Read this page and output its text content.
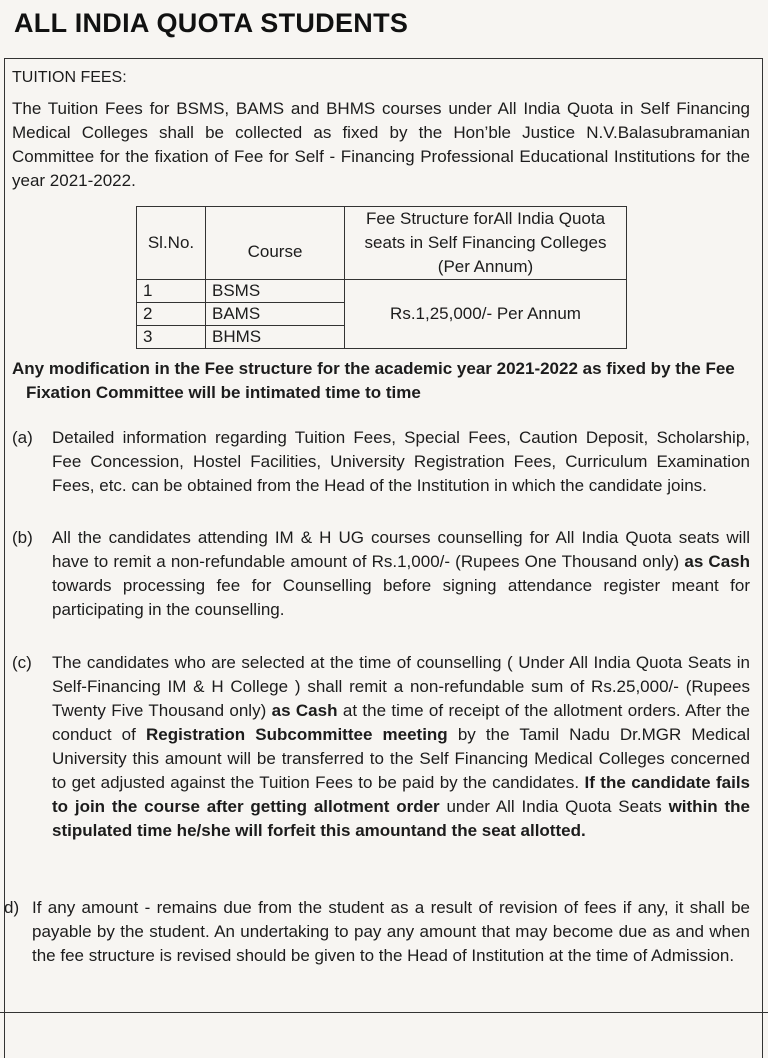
ALL INDIA QUOTA STUDENTS
TUITION FEES:
The Tuition Fees for BSMS, BAMS and BHMS courses under All India Quota in Self Financing Medical Colleges shall be collected as fixed by the Hon’ble Justice N.V.Balasubramanian Committee for the fixation of Fee for Self - Financing Professional Educational Institutions for the year 2021-2022.
Sl.No.	Course	Fee Structure forAll India Quota seats in Self Financing Colleges (Per Annum)
1	BSMS	Rs.1,25,000/- Per Annum
2	BAMS	
3	BHMS	
Any modification in the Fee structure for the academic year 2021-2022 as fixed by the Fee Fixation Committee will be intimated time to time
(a) Detailed information regarding Tuition Fees, Special Fees, Caution Deposit, Scholarship, Fee Concession, Hostel Facilities, University Registration Fees, Curriculum Examination Fees, etc. can be obtained from the Head of the Institution in which the candidate joins.
(b) All the candidates attending IM & H UG courses counselling for All India Quota seats will have to remit a non-refundable amount of Rs.1,000/- (Rupees One Thousand only) as Cash towards processing fee for Counselling before signing attendance register meant for participating in the counselling.
(c) The candidates who are selected at the time of counselling ( Under All India Quota Seats in Self-Financing IM & H College ) shall remit a non-refundable sum of Rs.25,000/- (Rupees Twenty Five Thousand only) as Cash at the time of receipt of the allotment orders. After the conduct of Registration Subcommittee meeting by the Tamil Nadu Dr.MGR Medical University this amount will be transferred to the Self Financing Medical Colleges concerned to get adjusted against the Tuition Fees to be paid by the candidates. If the candidate fails to join the course after getting allotment order under All India Quota Seats within the stipulated time he/she will forfeit this amountand the seat allotted.
d) If any amount - remains due from the student as a result of revision of fees if any, it shall be payable by the student. An undertaking to pay any amount that may become due as and when the fee structure is revised should be given to the Head of Institution at the time of Admission.
